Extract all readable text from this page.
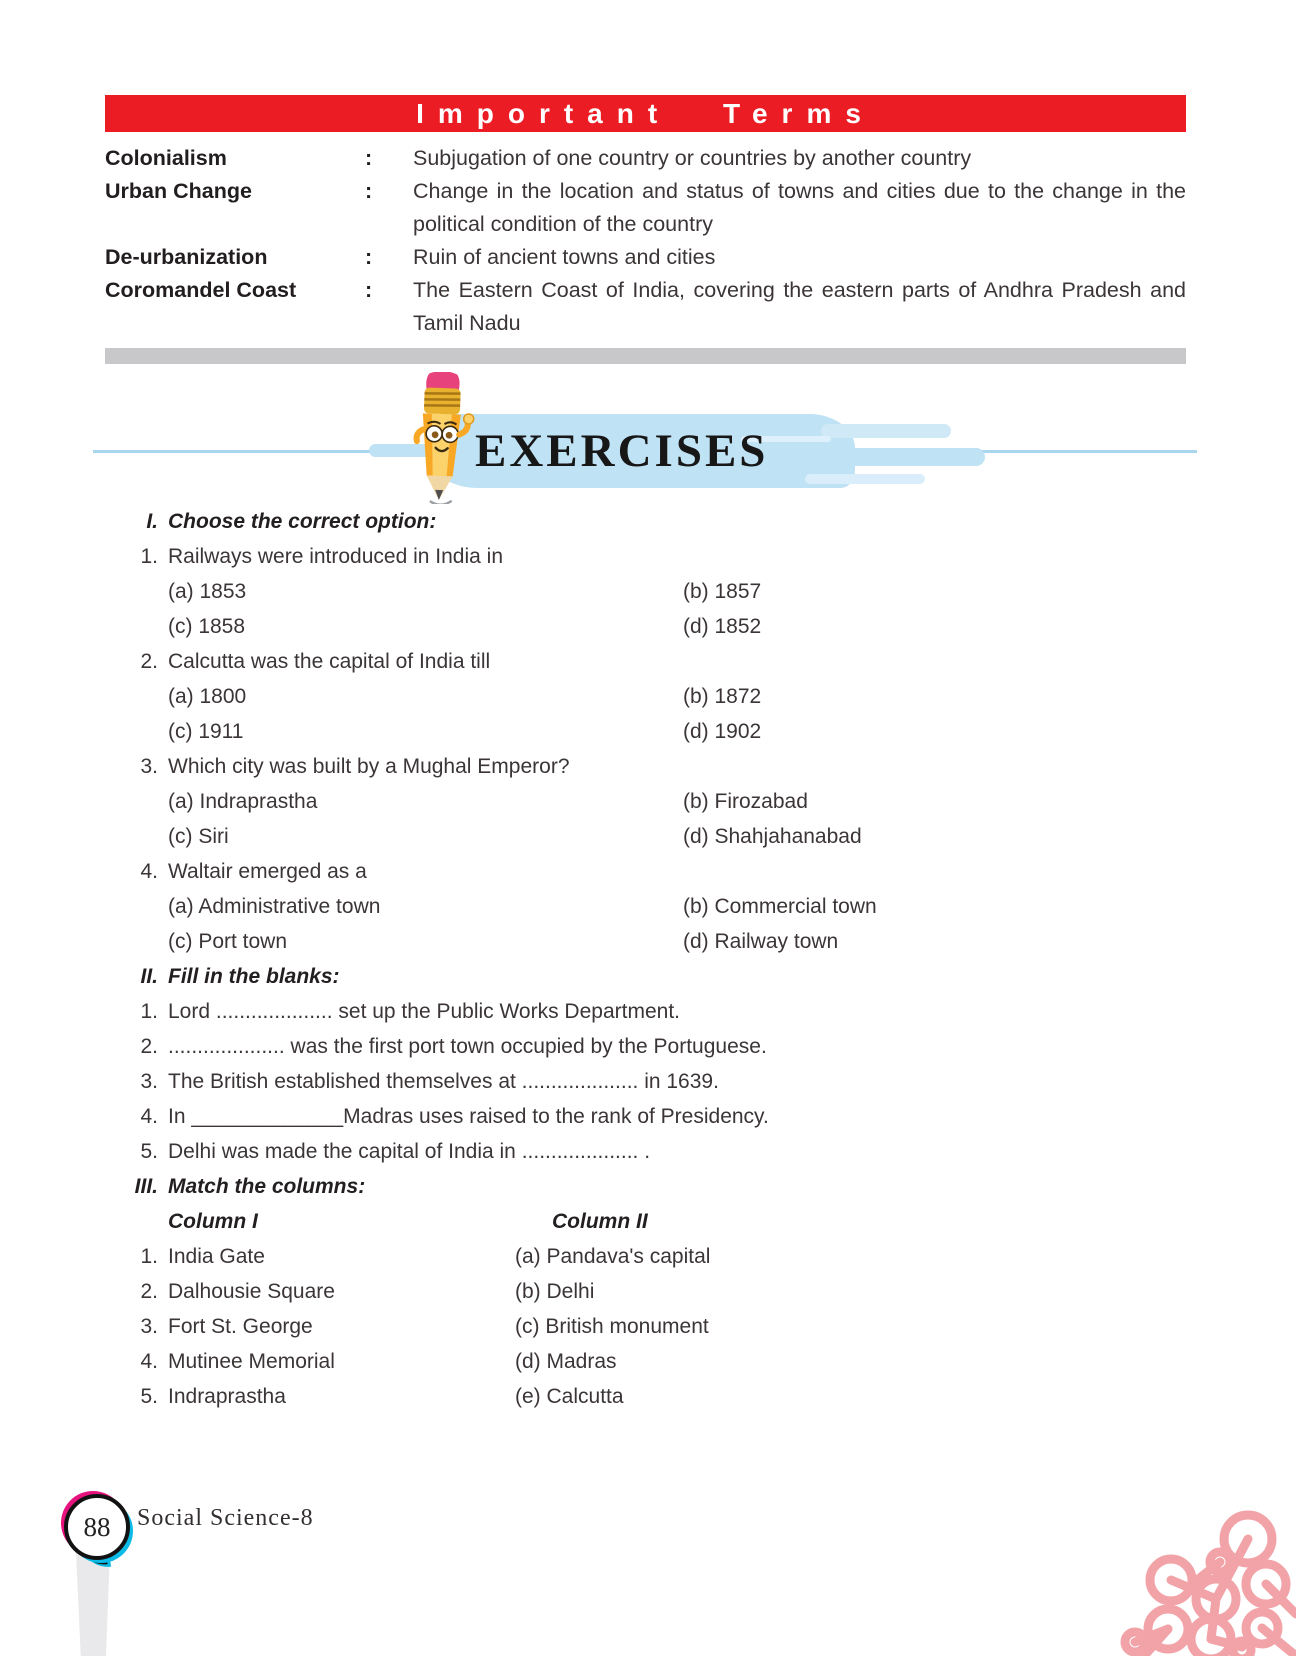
Important Terms
Colonialism	:	Subjugation of one country or countries by another country
Urban Change	:	Change in the location and status of towns and cities due to the change in the political condition of the country
De-urbanization	:	Ruin of ancient towns and cities
Coromandel Coast	:	The Eastern Coast of India, covering the eastern parts of Andhra Pradesh and Tamil Nadu
EXERCISES
I. Choose the correct option:
1. Railways were introduced in India in
(a) 1853	(b) 1857
(c) 1858	(d) 1852
2. Calcutta was the capital of India till
(a) 1800	(b) 1872
(c) 1911	(d) 1902
3. Which city was built by a Mughal Emperor?
(a) Indraprastha	(b) Firozabad
(c) Siri	(d) Shahjahanabad
4. Waltair emerged as a
(a) Administrative town	(b) Commercial town
(c) Port town	(d) Railway town
II. Fill in the blanks:
1. Lord .................... set up the Public Works Department.
2. .................... was the first port town occupied by the Portuguese.
3. The British established themselves at .................... in 1639.
4. In _____________Madras uses raised to the rank of Presidency.
5. Delhi was made the capital of India in .................... .
III. Match the columns:
Column I	Column II
1. India Gate	(a) Pandava's capital
2. Dalhousie Square	(b) Delhi
3. Fort St. George	(c) British monument
4. Mutinee Memorial	(d) Madras
5. Indraprastha	(e) Calcutta
88 Social Science-8
